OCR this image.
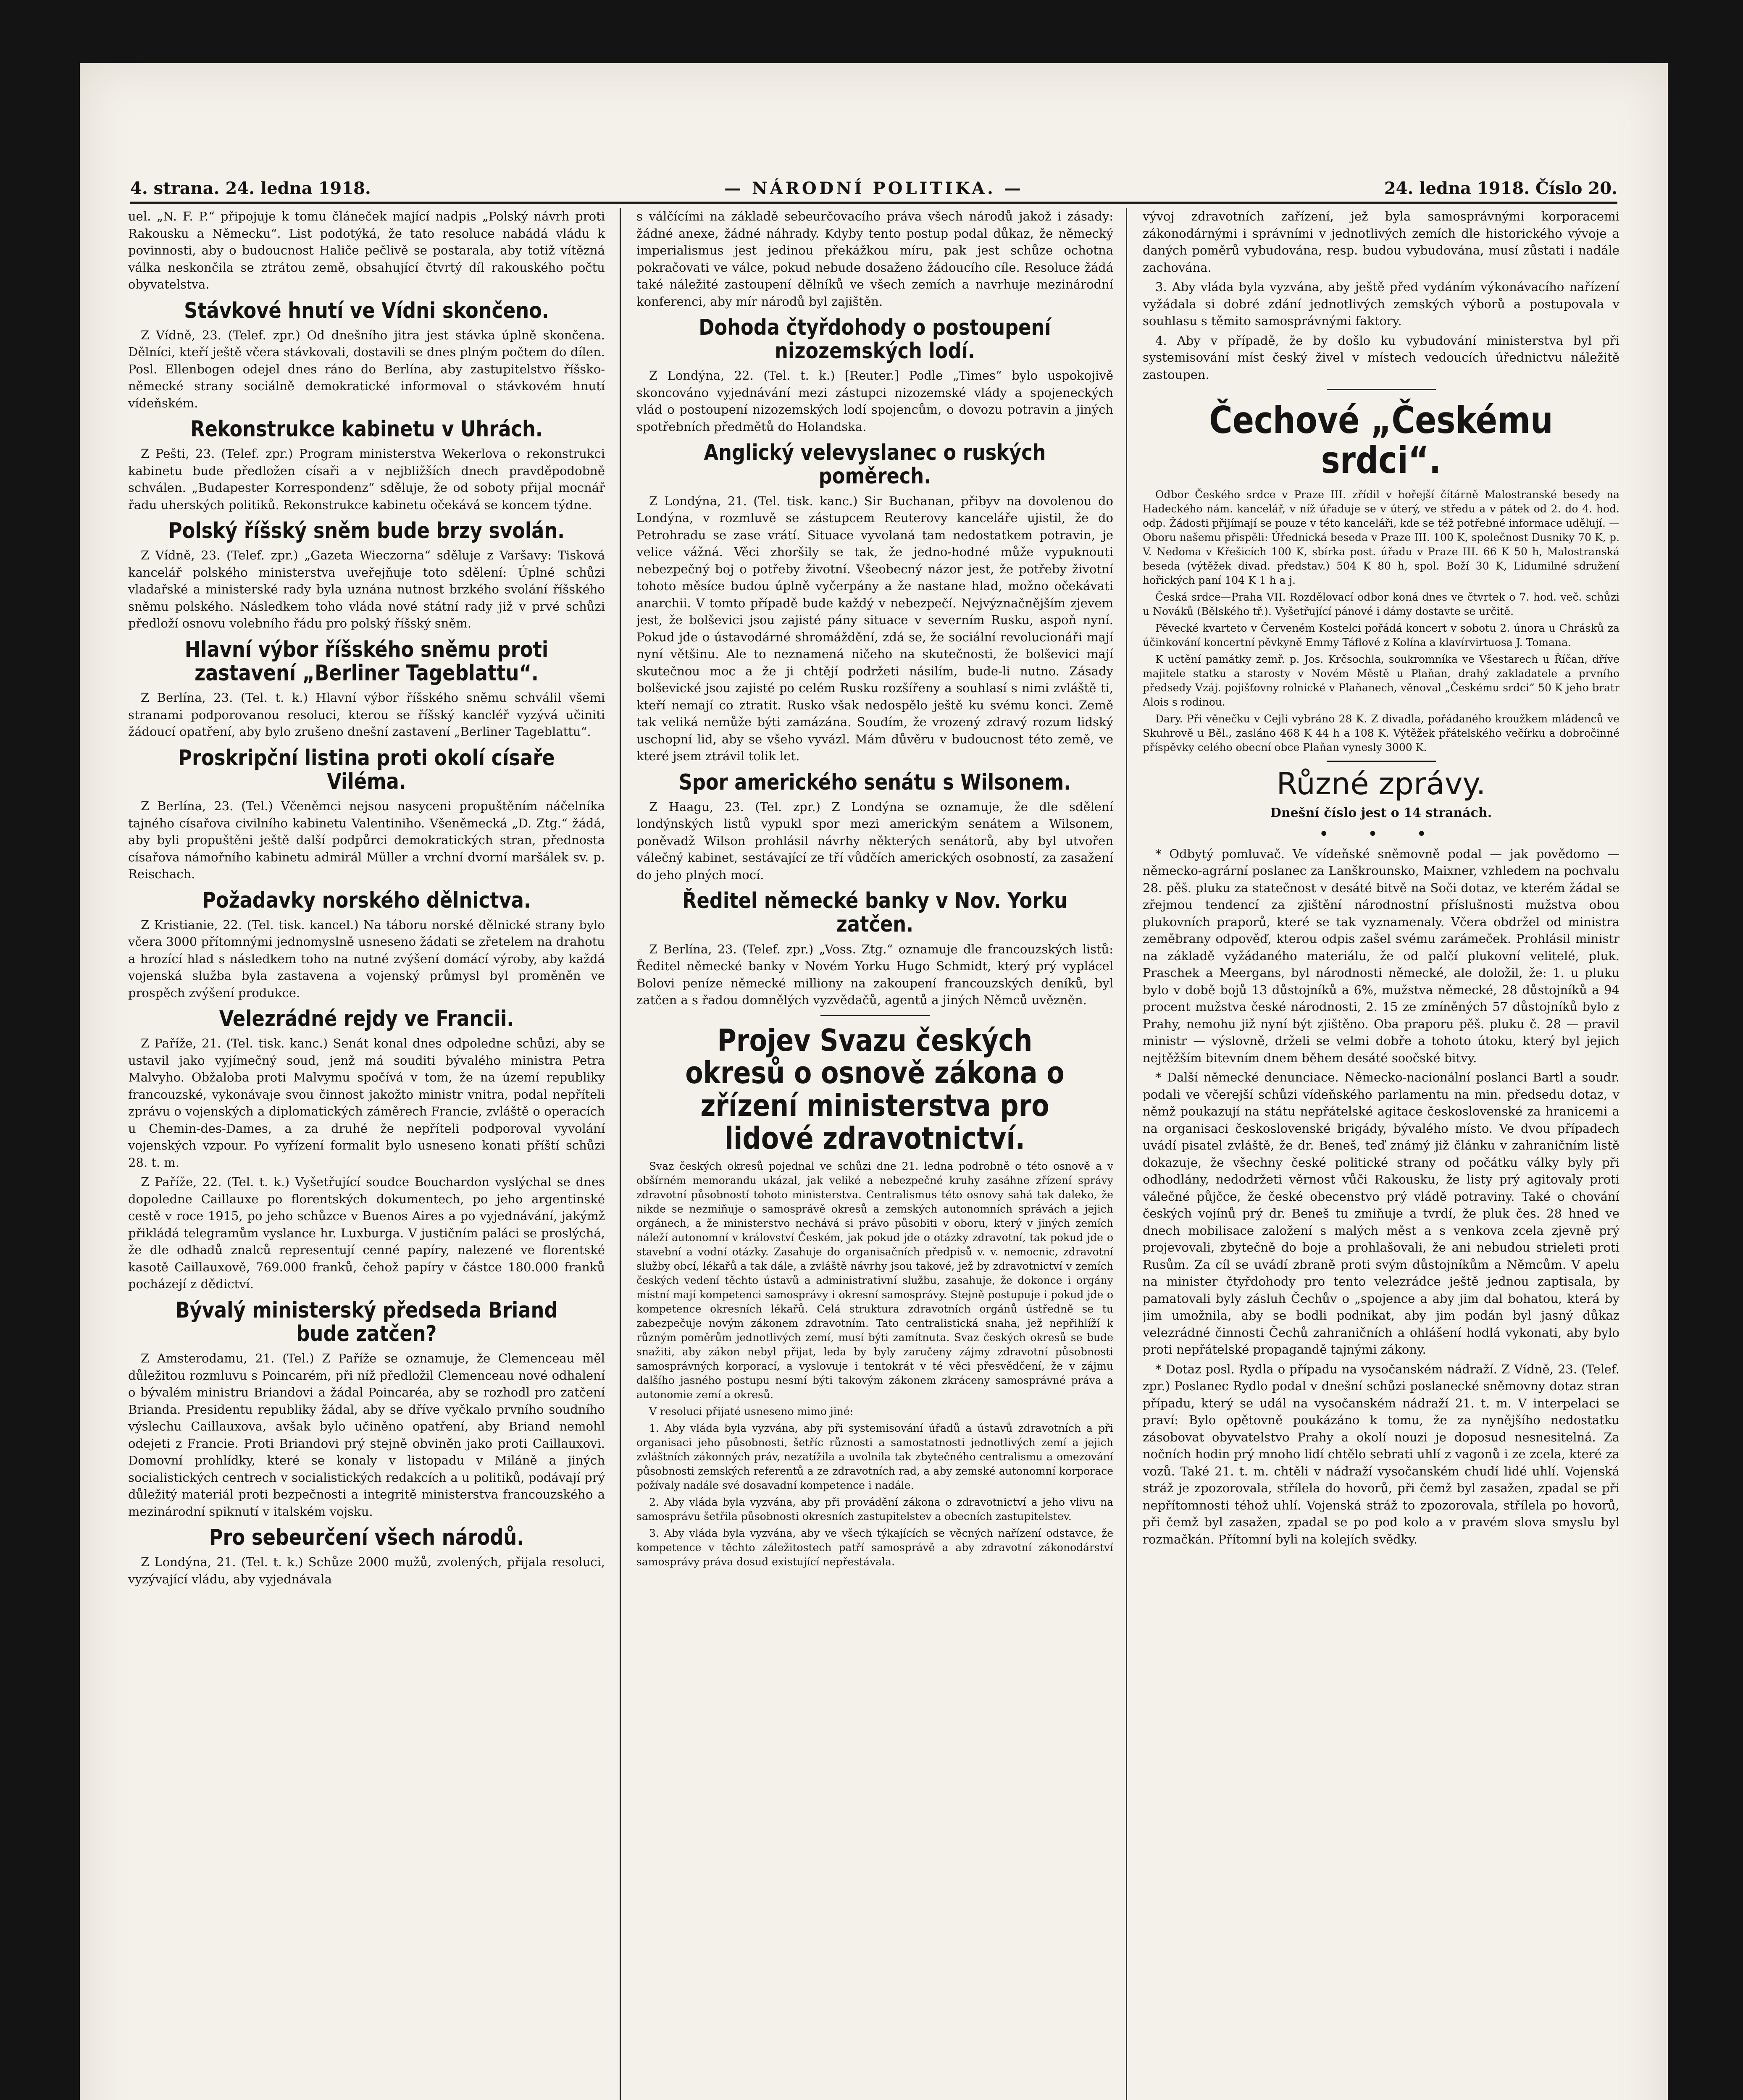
4. strana. 24. ledna 1918.	— NÁRODNÍ POLITIKA. —	24. ledna 1918. Číslo 20.

uel. „N. F. P.“ připojuje k tomu článeček mající nadpis „Polský návrh proti Rakousku a Německu“. List podotýká, že tato resoluce nabádá vládu k povinnosti, aby o budoucnost Haliče pečlivě se postarala, aby totiž vítězná válka neskončila se ztrátou země, obsahující čtvrtý díl rakouského počtu obyvatelstva.

Stávkové hnutí ve Vídni skončeno.

Z Vídně, 23. (Telef. zpr.) Od dnešního jitra jest stávka úplně skončena. Dělníci, kteří ještě včera stávkovali, dostavili se dnes plným počtem do dílen. Posl. Ellenbogen odejel dnes ráno do Berlína, aby zastupitelstvo říšsko-německé strany sociálně demokratické informoval o stávkovém hnutí vídeňském.

Rekonstrukce kabinetu v Uhrách.

Z Pešti, 23. (Telef. zpr.) Program ministerstva Wekerlova o rekonstrukci kabinetu bude předložen císaři a v nejbližších dnech pravděpodobně schválen. „Budapester Korrespondenz“ sděluje, že od soboty přijal mocnář řadu uherských politiků. Rekonstrukce kabinetu očekává se koncem týdne.

Polský říšský sněm bude brzy svolán.

Z Vídně, 23. (Telef. zpr.) „Gazeta Wieczorna“ sděluje z Varšavy: Tisková kancelář polského ministerstva uveřejňuje toto sdělení: Úplné schůzi vladařské a ministerské rady byla uznána nutnost brzkého svolání říšského sněmu polského. Následkem toho vláda nové státní rady již v prvé schůzi předloží osnovu volebního řádu pro polský říšský sněm.

Hlavní výbor říšského sněmu proti zastavení „Berliner Tageblattu“.

Z Berlína, 23. (Tel. t. k.) Hlavní výbor říšského sněmu schválil všemi stranami podporovanou resoluci, kterou se říšský kancléř vyzývá učiniti žádoucí opatření, aby bylo zrušeno dnešní zastavení „Berliner Tageblattu“.

Proskripční listina proti okolí císaře Viléma.

Z Berlína, 23. (Tel.) Včeněmci nejsou nasyceni propuštěním náčelníka tajného císařova civilního kabinetu Valentiniho. Všeněmecká „D. Ztg.“ žádá, aby byli propuštěni ještě další podpůrci demokratických stran, přednosta císařova námořního kabinetu admirál Müller a vrchní dvorní maršálek sv. p. Reischach.

Požadavky norského dělnictva.

Z Kristianie, 22. (Tel. tisk. kancel.) Na táboru norské dělnické strany bylo včera 3000 přítomnými jednomyslně usneseno žádati se zřetelem na drahotu a hrozící hlad s následkem toho na nutné zvýšení domácí výroby, aby každá vojenská služba byla zastavena a vojenský průmysl byl proměněn ve prospěch zvýšení produkce.

Velezrádné rejdy ve Francii.

Z Paříže, 21. (Tel. tisk. kanc.) Senát konal dnes odpoledne schůzi, aby se ustavil jako vyjímečný soud, jenž má souditi bývalého ministra Petra Malvyho. Obžaloba proti Malvymu spočívá v tom, že na území republiky francouzské, vykonávaje svou činnost jakožto ministr vnitra, podal nepříteli zprávu o vojenských a diplomatických záměrech Francie, zvláště o operacích u Chemin-des-Dames, a za druhé že nepříteli podporoval vyvolání vojenských vzpour. Po vyřízení formalit bylo usneseno konati příští schůzi 28. t. m.

Z Paříže, 22. (Tel. t. k.) Vyšetřující soudce Bouchardon vyslýchal se dnes dopoledne Caillauxe po florentských dokumentech, po jeho argentinské cestě v roce 1915, po jeho schůzce v Buenos Aires a po vyjednávání, jakýmž přikládá telegramům vyslance hr. Luxburga. V justičním paláci se proslýchá, že dle odhadů znalců representují cenné papíry, nalezené ve florentské kasotě Caillauxově, 769.000 franků, čehož papíry v částce 180.000 franků pocházejí z dědictví.

Bývalý ministerský předseda Briand bude zatčen?

Z Amsterodamu, 21. (Tel.) Z Paříže se oznamuje, že Clemenceau měl důležitou rozmluvu s Poincarém, při níž předložil Clemenceau nové odhalení o bývalém ministru Briandovi a žádal Poincaréa, aby se rozhodl pro zatčení Brianda. Presidentu republiky žádal, aby se dříve vyčkalo prvního soudního výslechu Caillauxova, avšak bylo učiněno opatření, aby Briand nemohl odejeti z Francie. Proti Briandovi prý stejně obviněn jako proti Caillauxovi. Domovní prohlídky, které se konaly v listopadu v Miláně a jiných socialistických centrech v socialistických redakcích a u politiků, podávají prý důležitý materiál proti bezpečnosti a integritě ministerstva francouzského a mezinárodní spiknutí v italském vojsku.

Pro sebeurčení všech národů.

Z Londýna, 21. (Tel. t. k.) Schůze 2000 mužů, zvolených, přijala resoluci, vyzývající vládu, aby vyjednávala

s válčícími na základě sebeurčovacího práva všech národů jakož i zásady: žádné anexe, žádné náhrady. Kdyby tento postup podal důkaz, že německý imperialismus jest jedinou překážkou míru, pak jest schůze ochotna pokračovati ve válce, pokud nebude dosaženo žádoucího cíle. Resoluce žádá také náležité zastoupení dělníků ve všech zemích a navrhuje mezinárodní konferenci, aby mír národů byl zajištěn.

Dohoda čtyřdohody o postoupení nizozemských lodí.

Z Londýna, 22. (Tel. t. k.) [Reuter.] Podle „Times“ bylo uspokojivě skoncováno vyjednávání mezi zástupci nizozemské vlády a spojeneckých vlád o postoupení nizozemských lodí spojencům, o dovozu potravin a jiných spotřebních předmětů do Holandska.

Anglický velevyslanec o ruských poměrech.

Z Londýna, 21. (Tel. tisk. kanc.) Sir Buchanan, přibyv na dovolenou do Londýna, v rozmluvě se zástupcem Reuterovy kanceláře ujistil, že do Petrohradu se zase vrátí. Situace vyvolaná tam nedostatkem potravin, je velice vážná. Věci zhoršily se tak, že jedno-hodné může vypuknouti nebezpečný boj o potřeby životní. Všeobecný názor jest, že potřeby životní tohoto měsíce budou úplně vyčerpány a že nastane hlad, možno očekávati anarchii. V tomto případě bude každý v nebezpečí. Nejvýznačnějším zjevem jest, že bolševici jsou zajisté pány situace v severním Rusku, aspoň nyní. Pokud jde o ústavodárné shromáždění, zdá se, že sociální revolucionáři mají nyní většinu. Ale to neznamená ničeho na skutečnosti, že bolševici mají skutečnou moc a že ji chtějí podržeti násilím, bude-li nutno. Zásady bolševické jsou zajisté po celém Rusku rozšířeny a souhlasí s nimi zvláště ti, kteří nemají co ztratit. Rusko však nedospělo ještě ku svému konci. Země tak veliká nemůže býti zamázána. Soudím, že vrozený zdravý rozum lidský uschopní lid, aby se všeho vyvázl. Mám důvěru v budoucnost této země, ve které jsem ztrávil tolik let.

Spor amerického senátu s Wilsonem.

Z Haagu, 23. (Tel. zpr.) Z Londýna se oznamuje, že dle sdělení londýnských listů vypukl spor mezi americkým senátem a Wilsonem, poněvadž Wilson prohlásil návrhy některých senátorů, aby byl utvořen válečný kabinet, sestávající ze tří vůdčích amerických osobností, za zasažení do jeho plných mocí.

Ředitel německé banky v Nov. Yorku zatčen.

Z Berlína, 23. (Telef. zpr.) „Voss. Ztg.“ oznamuje dle francouzských listů: Ředitel německé banky v Novém Yorku Hugo Schmidt, který prý vyplácel Bolovi peníze německé milliony na zakoupení francouzských deníků, byl zatčen a s řadou domnělých vyzvědačů, agentů a jiných Němců uvězněn.

Projev Svazu českých okresů o osnově zákona o zřízení ministerstva pro lidové zdravotnictví.

Svaz českých okresů pojednal ve schůzi dne 21. ledna podrobně o této osnově a v obšírném memorandu ukázal, jak veliké a nebezpečné kruhy zasáhne zřízení správy zdravotní působností tohoto ministerstva. Centralismus této osnovy sahá tak daleko, že nikde se nezmiňuje o samosprávě okresů a zemských autonomních správách a jejich orgánech, a že ministerstvo nechává si právo působiti v oboru, který v jiných zemích náleží autonomní v království Českém, jak pokud jde o otázky zdravotní, tak pokud jde o stavební a vodní otázky. Zasahuje do organisačních předpisů v. v. nemocnic, zdravotní služby obcí, lékařů a tak dále, a zvláště návrhy jsou takové, jež by zdravotnictví v zemích českých vedení těchto ústavů a administrativní službu, zasahuje, že dokonce i orgány místní mají kompetenci samosprávy i okresní samosprávy. Stejně postupuje i pokud jde o kompetence okresních lékařů. Celá struktura zdravotních orgánů ústředně se tu zabezpečuje novým zákonem zdravotním. Tato centralistická snaha, jež nepřihlíží k různým poměrům jednotlivých zemí, musí býti zamítnuta. Svaz českých okresů se bude snažiti, aby zákon nebyl přijat, leda by byly zaručeny zájmy zdravotní působnosti samosprávných korporací, a vyslovuje i tentokrát v té věci přesvědčení, že v zájmu dalšího jasného postupu nesmí býti takovým zákonem zkráceny samosprávné práva a autonomie zemí a okresů.

V resoluci přijaté usneseno mimo jiné:

1. Aby vláda byla vyzvána, aby při systemisování úřadů a ústavů zdravotních a při organisaci jeho působnosti, šetříc různosti a samostatnosti jednotlivých zemí a jejich zvláštních zákonných práv, nezatížila a uvolnila tak zbytečného centralismu a omezování působnosti zemských referentů a ze zdravotních rad, a aby zemské autonomní korporace požívaly nadále své dosavadní kompetence i nadále.

2. Aby vláda byla vyzvána, aby při provádění zákona o zdravotnictví a jeho vlivu na samosprávu šetřila působnosti okresních zastupitelstev a obecních zastupitelstev.

3. Aby vláda byla vyzvána, aby ve všech týkajících se věcných nařízení odstavce, že kompetence v těchto záležitostech patří samosprávě a aby zdravotní zákonodárství samosprávy práva dosud existující nepřestávala.

vývoj zdravotních zařízení, jež byla samosprávnými korporacemi zákonodárnými i správními v jednotlivých zemích dle historického vývoje a daných poměrů vybudována, resp. budou vybudována, musí zůstati i nadále zachována.

3. Aby vláda byla vyzvána, aby ještě před vydáním výkonávacího nařízení vyžádala si dobré zdání jednotlivých zemských výborů a postupovala v souhlasu s těmito samosprávnými faktory.

4. Aby v případě, že by došlo ku vybudování ministerstva byl při systemisování míst český živel v místech vedoucích úřednictvu náležitě zastoupen.

Čechové „Českému srdci“.

Odbor Českého srdce v Praze III. zřídil v hořejší čítárně Malostranské besedy na Hadeckého nám. kancelář, v níž úřaduje se v úterý, ve středu a v pátek od 2. do 4. hod. odp. Žádosti přijímají se pouze v této kanceláři, kde se též potřebné informace udělují. — Oboru našemu přispěli: Úřednická beseda v Praze III. 100 K, společnost Dusniky 70 K, p. V. Nedoma v Křešicích 100 K, sbírka post. úřadu v Praze III. 66 K 50 h, Malostranská beseda (výtěžek divad. představ.) 504 K 80 h, spol. Boží 30 K, Lidumilné sdružení hořických paní 104 K 1 h a j.

Česká srdce—Praha VII. Rozdělovací odbor koná dnes ve čtvrtek o 7. hod. več. schůzi u Nováků (Bělského tř.). Vyšetřující pánové i dámy dostavte se určitě.

Pěvecké kvarteto v Červeném Kostelci pořádá koncert v sobotu 2. února u Chrásků za účinkování koncertní pěvkyně Emmy Táflové z Kolína a klavírvirtuosa J. Tomana.

K uctění památky zemř. p. Jos. Krčsochla, soukromníka ve Všestarech u Říčan, dříve majitele statku a starosty v Novém Městě u Plaňan, drahý zakladatele a prvního předsedy Vzáj. pojišťovny rolnické v Plaňanech, věnoval „Českému srdci“ 50 K jeho bratr Alois s rodinou.

Dary. Při věnečku v Cejli vybráno 28 K. Z divadla, pořádaného kroužkem mládenců ve Skuhrově u Běl., zasláno 468 K 44 h a 108 K. Výtěžek přátelského večírku a dobročinné příspěvky celého obecní obce Plaňan vynesly 3000 K.

Různé zprávy.
Dnešní číslo jest o 14 stranách.
• • •

* Odbytý pomluvač. Ve vídeňské sněmovně podal — jak povědomo — německo-agrární poslanec za Lanškrounsko, Maixner, vzhledem na pochvalu 28. pěš. pluku za statečnost v desáté bitvě na Soči dotaz, ve kterém žádal se zřejmou tendencí za zjištění národnostní příslušnosti mužstva obou plukovních praporů, které se tak vyznamenaly. Včera obdržel od ministra zeměbrany odpověď, kterou odpis zašel svému zarámeček. Prohlásil ministr na základě vyžádaného materiálu, že od palčí plukovní velitelé, pluk. Praschek a Meergans, byl národnosti německé, ale doložil, že: 1. u pluku bylo v době bojů 13 důstojníků a 6%, mužstva německé, 28 důstojníků a 94 procent mužstva české národnosti, 2. 15 ze zmíněných 57 důstojníků bylo z Prahy, nemohu již nyní být zjištěno. Oba praporu pěš. pluku č. 28 — pravil ministr — výslovně, drželi se velmi dobře a tohoto útoku, který byl jejich nejtěžším bitevním dnem během desáté soočské bitvy.

* Další německé denunciace. Německo-nacionální poslanci Bartl a soudr. podali ve včerejší schůzi vídeňského parlamentu na min. předsedu dotaz, v němž poukazují na státu nepřátelské agitace československé za hranicemi a na organisaci československé brigády, bývalého místo. Ve dvou případech uvádí pisatel zvláště, že dr. Beneš, teď známý již článku v zahraničním listě dokazuje, že všechny české politické strany od počátku války byly při odhodlány, nedodržeti věrnost vůči Rakousku, že listy prý agitovaly proti válečné půjčce, že české obecenstvo prý vládě potraviny. Také o chování českých vojínů prý dr. Beneš tu zmiňuje a tvrdí, že pluk čes. 28 hned ve dnech mobilisace založení s malých měst a s venkova zcela zjevně prý projevovali, zbytečně do boje a prohlašovali, že ani nebudou strieleti proti Rusům. Za cíl se uvádí zbraně proti svým důstojníkům a Němcům. V apelu na minister čtyřdohody pro tento velezrádce ještě jednou zaptisala, by pamatovali byly zásluh Čechův o „spojence a aby jim dal bohatou, která by jim umožnila, aby se bodli podnikat, aby jim podán byl jasný důkaz velezrádné činnosti Čechů zahraničních a ohlášení hodlá vykonati, aby bylo proti nepřátelské propagandě tajnými zákony.

* Dotaz posl. Rydla o případu na vysočanském nádraží. Z Vídně, 23. (Telef. zpr.) Poslanec Rydlo podal v dnešní schůzi poslanecké sněmovny dotaz stran případu, který se udál na vysočanském nádraží 21. t. m. V interpelaci se praví: Bylo opětovně poukázáno k tomu, že za nynějšího nedostatku zásobovat obyvatelstvo Prahy a okolí nouzi je doposud nesnesitelná. Za nočních hodin prý mnoho lidí chtělo sebrati uhlí z vagonů i ze zcela, které za vozů. Také 21. t. m. chtěli v nádraží vysočanském chudí lidé uhlí. Vojenská stráž je zpozorovala, střílela do hovorů, při čemž byl zasažen, zpadal se při nepřítomnosti téhož uhlí. Vojenská stráž to zpozorovala, střílela po hovorů, při čemž byl zasažen, zpadal se po pod kolo a v pravém slova smyslu byl rozmačkán. Přítomní byli na kolejích svědky.
